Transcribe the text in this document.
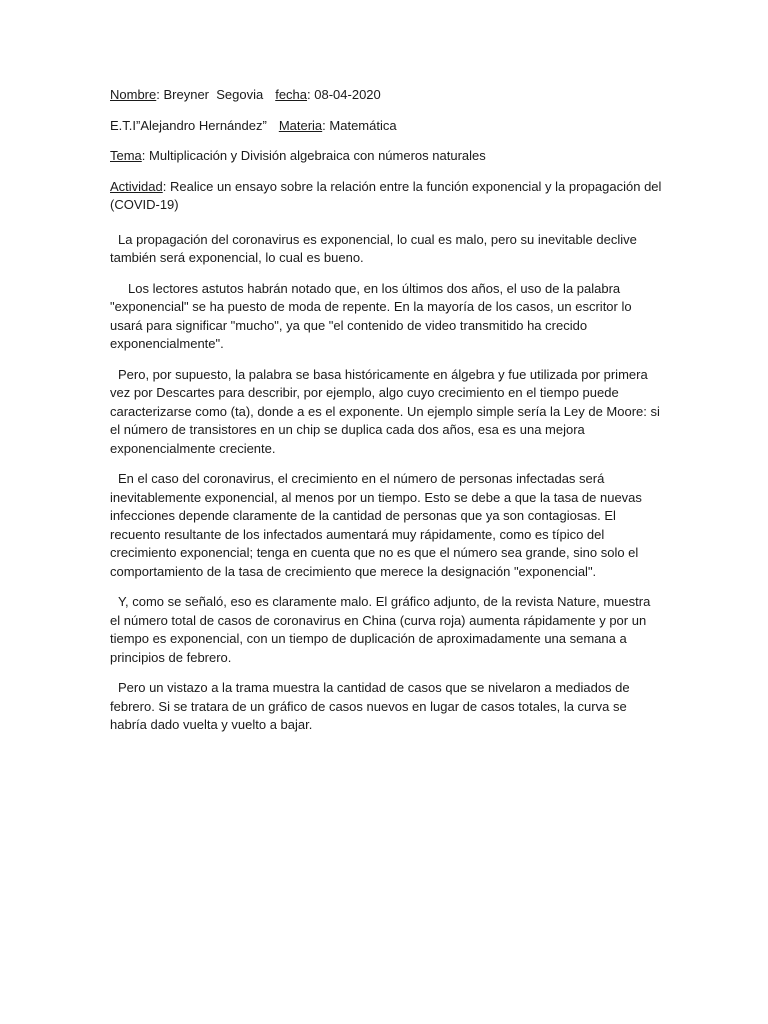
Nombre: Breyner  Segovia fecha: 08-04-2020
E.T.I”Alejandro Hernández” Materia: Matemática
Tema: Multiplicación y División algebraica con números naturales
Actividad: Realice un ensayo sobre la relación entre la función exponencial y la propagación del (COVID-19)

La propagación del coronavirus es exponencial, lo cual es malo, pero su inevitable declive también será exponencial, lo cual es bueno.

Los lectores astutos habrán notado que, en los últimos dos años, el uso de la palabra "exponencial" se ha puesto de moda de repente. En la mayoría de los casos, un escritor lo usará para significar "mucho", ya que "el contenido de video transmitido ha crecido exponencialmente".

Pero, por supuesto, la palabra se basa históricamente en álgebra y fue utilizada por primera vez por Descartes para describir, por ejemplo, algo cuyo crecimiento en el tiempo puede caracterizarse como (ta), donde a es el exponente. Un ejemplo simple sería la Ley de Moore: si el número de transistores en un chip se duplica cada dos años, esa es una mejora exponencialmente creciente.

En el caso del coronavirus, el crecimiento en el número de personas infectadas será inevitablemente exponencial, al menos por un tiempo. Esto se debe a que la tasa de nuevas infecciones depende claramente de la cantidad de personas que ya son contagiosas. El recuento resultante de los infectados aumentará muy rápidamente, como es típico del crecimiento exponencial; tenga en cuenta que no es que el número sea grande, sino solo el comportamiento de la tasa de crecimiento que merece la designación "exponencial".

Y, como se señaló, eso es claramente malo. El gráfico adjunto, de la revista Nature, muestra el número total de casos de coronavirus en China (curva roja) aumenta rápidamente y por un tiempo es exponencial, con un tiempo de duplicación de aproximadamente una semana a principios de febrero.

Pero un vistazo a la trama muestra la cantidad de casos que se nivelaron a mediados de febrero. Si se tratara de un gráfico de casos nuevos en lugar de casos totales, la curva se habría dado vuelta y vuelto a bajar.
